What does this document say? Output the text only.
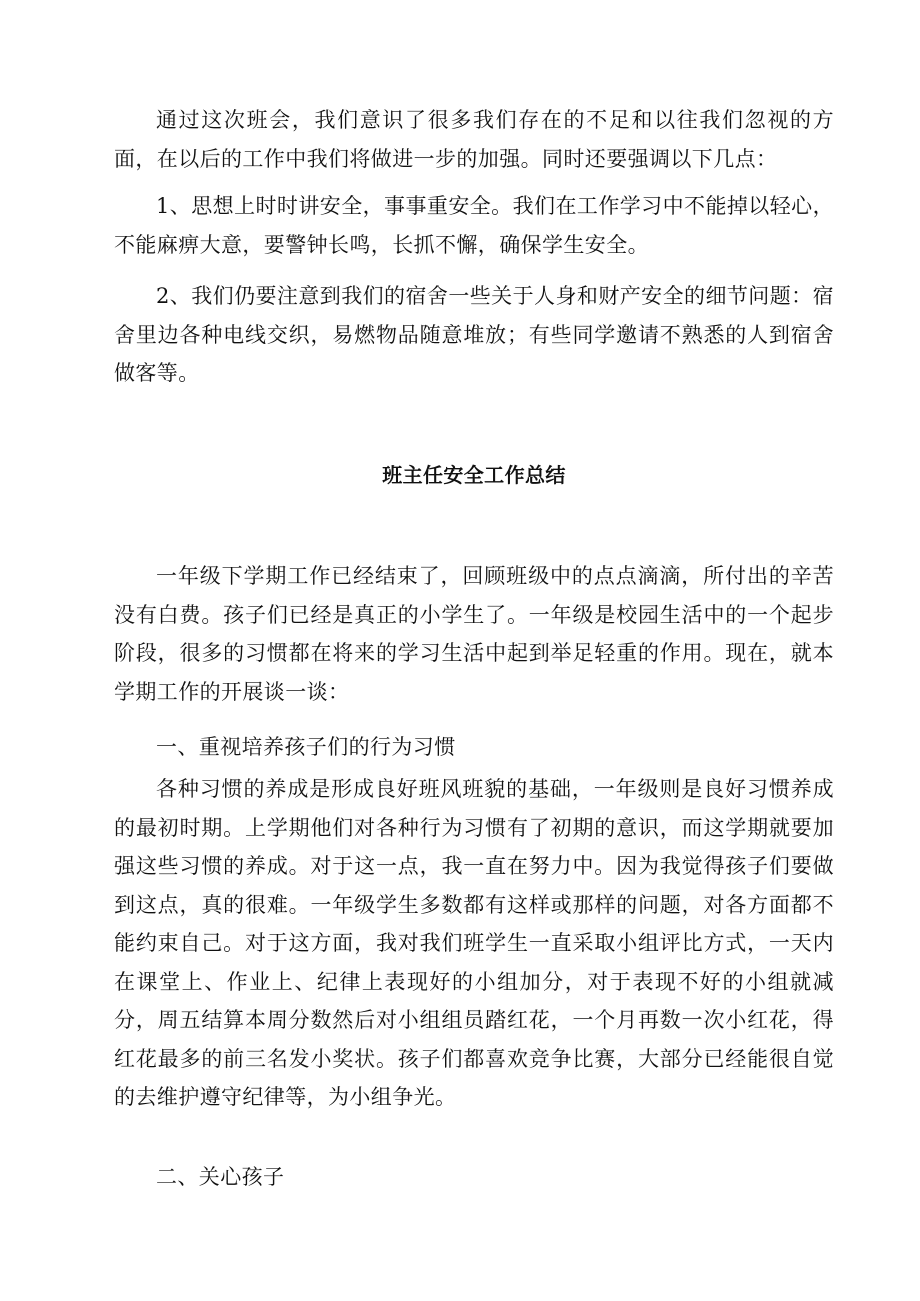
通过这次班会，我们意识了很多我们存在的不足和以往我们忽视的方面，在以后的工作中我们将做进一步的加强。同时还要强调以下几点：

1、思想上时时讲安全，事事重安全。我们在工作学习中不能掉以轻心，不能麻痹大意，要警钟长鸣，长抓不懈，确保学生安全。

2、我们仍要注意到我们的宿舍一些关于人身和财产安全的细节问题：宿舍里边各种电线交织，易燃物品随意堆放；有些同学邀请不熟悉的人到宿舍做客等。

班主任安全工作总结

一年级下学期工作已经结束了，回顾班级中的点点滴滴，所付出的辛苦没有白费。孩子们已经是真正的小学生了。一年级是校园生活中的一个起步阶段，很多的习惯都在将来的学习生活中起到举足轻重的作用。现在，就本学期工作的开展谈一谈：

一、重视培养孩子们的行为习惯

各种习惯的养成是形成良好班风班貌的基础，一年级则是良好习惯养成的最初时期。上学期他们对各种行为习惯有了初期的意识，而这学期就要加强这些习惯的养成。对于这一点，我一直在努力中。因为我觉得孩子们要做到这点，真的很难。一年级学生多数都有这样或那样的问题，对各方面都不能约束自己。对于这方面，我对我们班学生一直采取小组评比方式，一天内在课堂上、作业上、纪律上表现好的小组加分，对于表现不好的小组就减分，周五结算本周分数然后对小组组员踏红花，一个月再数一次小红花，得红花最多的前三名发小奖状。孩子们都喜欢竞争比赛，大部分已经能很自觉的去维护遵守纪律等，为小组争光。

二、关心孩子
